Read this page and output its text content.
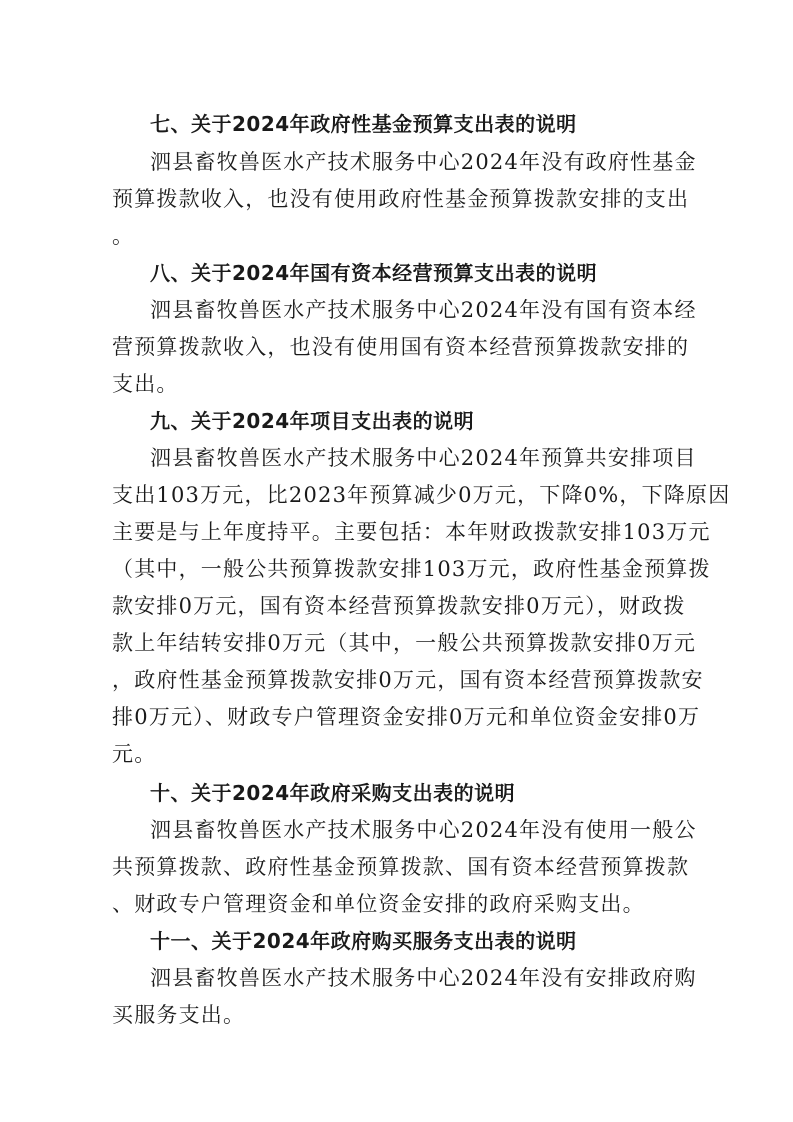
七、关于2024年政府性基金预算支出表的说明
泗县畜牧兽医水产技术服务中心2024年没有政府性基金
预算拨款收入，也没有使用政府性基金预算拨款安排的支出
。
八、关于2024年国有资本经营预算支出表的说明
泗县畜牧兽医水产技术服务中心2024年没有国有资本经
营预算拨款收入，也没有使用国有资本经营预算拨款安排的
支出。
九、关于2024年项目支出表的说明
泗县畜牧兽医水产技术服务中心2024年预算共安排项目
支出103万元，比2023年预算减少0万元，下降0%，下降原因
主要是与上年度持平。主要包括：本年财政拨款安排103万元
（其中，一般公共预算拨款安排103万元，政府性基金预算拨
款安排0万元，国有资本经营预算拨款安排0万元），财政拨
款上年结转安排0万元（其中，一般公共预算拨款安排0万元
，政府性基金预算拨款安排0万元，国有资本经营预算拨款安
排0万元）、财政专户管理资金安排0万元和单位资金安排0万
元。
十、关于2024年政府采购支出表的说明
泗县畜牧兽医水产技术服务中心2024年没有使用一般公
共预算拨款、政府性基金预算拨款、国有资本经营预算拨款
、财政专户管理资金和单位资金安排的政府采购支出。
十一、关于2024年政府购买服务支出表的说明
泗县畜牧兽医水产技术服务中心2024年没有安排政府购
买服务支出。
